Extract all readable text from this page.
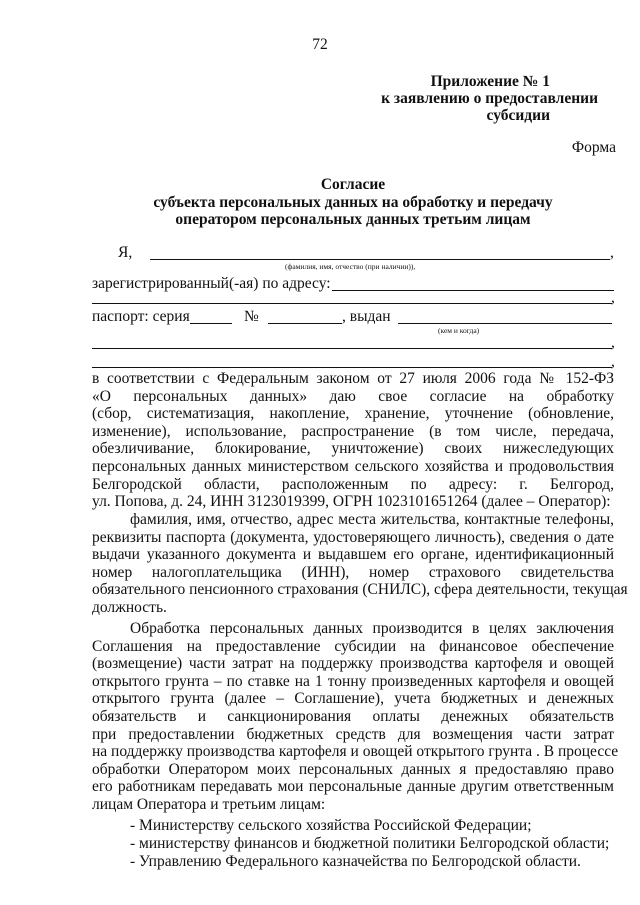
72
Приложение № 1
к заявлению о предоставлении
субсидии
Форма
Согласие
субъекта персональных данных на обработку и передачу
оператором персональных данных третьим лицам
Я,	,
(фамилия, имя, отчество (при наличии)),
зарегистрированный(-ая) по адресу:
,
паспорт: серия	№	, выдан
(кем и когда)
,
,
в соответствии с Федеральным законом от 27 июля 2006 года № 152-ФЗ
«О персональных данных» даю свое согласие на обработку
(сбор, систематизация, накопление, хранение, уточнение (обновление,
изменение), использование, распространение (в том числе, передача,
обезличивание, блокирование, уничтожение) своих нижеследующих
персональных данных министерством сельского хозяйства и продовольствия
Белгородской области, расположенным по адресу: г. Белгород,
ул. Попова, д. 24, ИНН 3123019399, ОГРН 1023101651264 (далее – Оператор):
фамилия, имя, отчество, адрес места жительства, контактные телефоны,
реквизиты паспорта (документа, удостоверяющего личность), сведения о дате
выдачи указанного документа и выдавшем его органе, идентификационный
номер налогоплательщика (ИНН), номер страхового свидетельства
обязательного пенсионного страхования (СНИЛС), сфера деятельности, текущая
должность.
Обработка персональных данных производится в целях заключения
Соглашения на предоставление субсидии на финансовое обеспечение
(возмещение) части затрат на поддержку производства картофеля и овощей
открытого грунта – по ставке на 1 тонну произведенных картофеля и овощей
открытого грунта (далее – Соглашение), учета бюджетных и денежных
обязательств и санкционирования оплаты денежных обязательств
при предоставлении бюджетных средств для возмещения части затрат
на поддержку производства картофеля и овощей открытого грунта . В процессе
обработки Оператором моих персональных данных я предоставляю право
его работникам передавать мои персональные данные другим ответственным
лицам Оператора и третьим лицам:
- Министерству сельского хозяйства Российской Федерации;
- министерству финансов и бюджетной политики Белгородской области;
- Управлению Федерального казначейства по Белгородской области.
